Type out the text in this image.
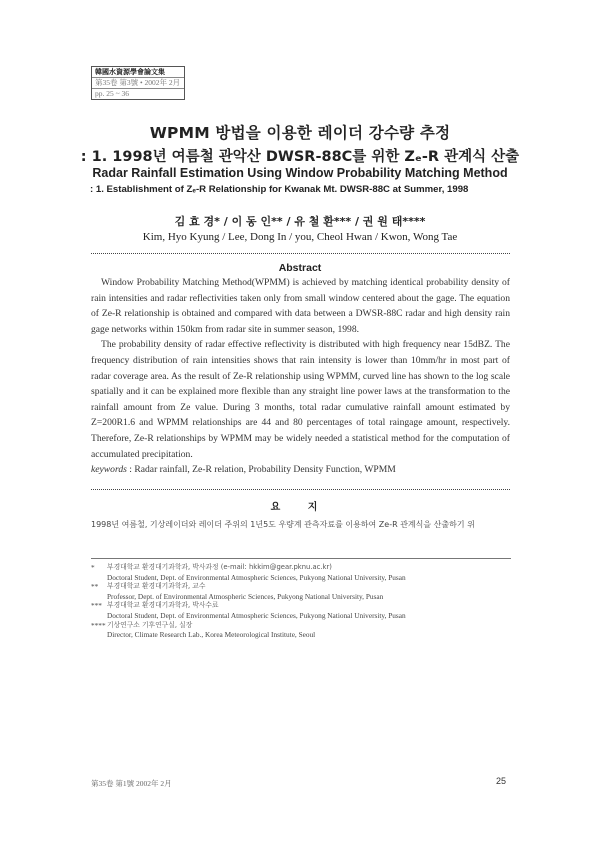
韓國水資源學會論文集
第35卷 第3號 • 2002年 2月
pp. 25 ~ 36
WPMM 방법을 이용한 레이더 강수량 추정
: 1. 1998년 여름철 관악산 DWSR-88C를 위한 Zₑ-R 관계식 산출
Radar Rainfall Estimation Using Window Probability Matching Method
: 1. Establishment of Zₑ-R Relationship for Kwanak Mt. DWSR-88C at Summer, 1998
김 효 경* / 이 동 인** / 유 철 환*** / 권 원 태****
Kim, Hyo Kyung / Lee, Dong In / you, Cheol Hwan / Kwon, Wong Tae
Abstract

Window Probability Matching Method(WPMM) is achieved by matching identical probability density of rain intensities and radar reflectivities taken only from small window centered about the gage. The equation of Ze-R relationship is obtained and compared with data between a DWSR-88C radar and high density rain gage networks within 150km from radar site in summer season, 1998.

The probability density of radar effective reflectivity is distributed with high frequency near 15dBZ. The frequency distribution of rain intensities shows that rain intensity is lower than 10mm/hr in most part of radar coverage area. As the result of Ze-R relationship using WPMM, curved line has shown to the log scale spatially and it can be explained more flexible than any straight line power laws at the transformation to the rainfall amount from Ze value. During 3 months, total radar cumulative rainfall amount estimated by Z=200R1.6 and WPMM relationships are 44 and 80 percentages of total raingage amount, respectively. Therefore, Ze-R relationships by WPMM may be widely needed a statistical method for the computation of accumulated precipitation.

keywords : Radar rainfall, Ze-R relation, Probability Density Function, WPMM

요 지
1998년 여름철, 기상레이더와 레이더 주위의 1년5도 우량계 관측자료를 이용하여 Ze-R 관계식을 산출하기 위
*	부경대학교 환경대기과학과, 박사과정 (e-mail: hkkim@gear.pknu.ac.kr)
Doctoral Student, Dept. of Environmental Atmospheric Sciences, Pukyong National University, Pusan
**	부경대학교 환경대기과학과, 교수
Professor, Dept. of Environmental Atmospheric Sciences, Pukyong National University, Pusan
*** 부경대학교 환경대기과학과, 박사수료
Doctoral Student, Dept. of Environmental Atmospheric Sciences, Pukyong National University, Pusan
**** 기상연구소 기후연구실, 실장
Director, Climate Research Lab., Korea Meteorological Institute, Seoul
第35卷 第1號 2002年 2月	25
